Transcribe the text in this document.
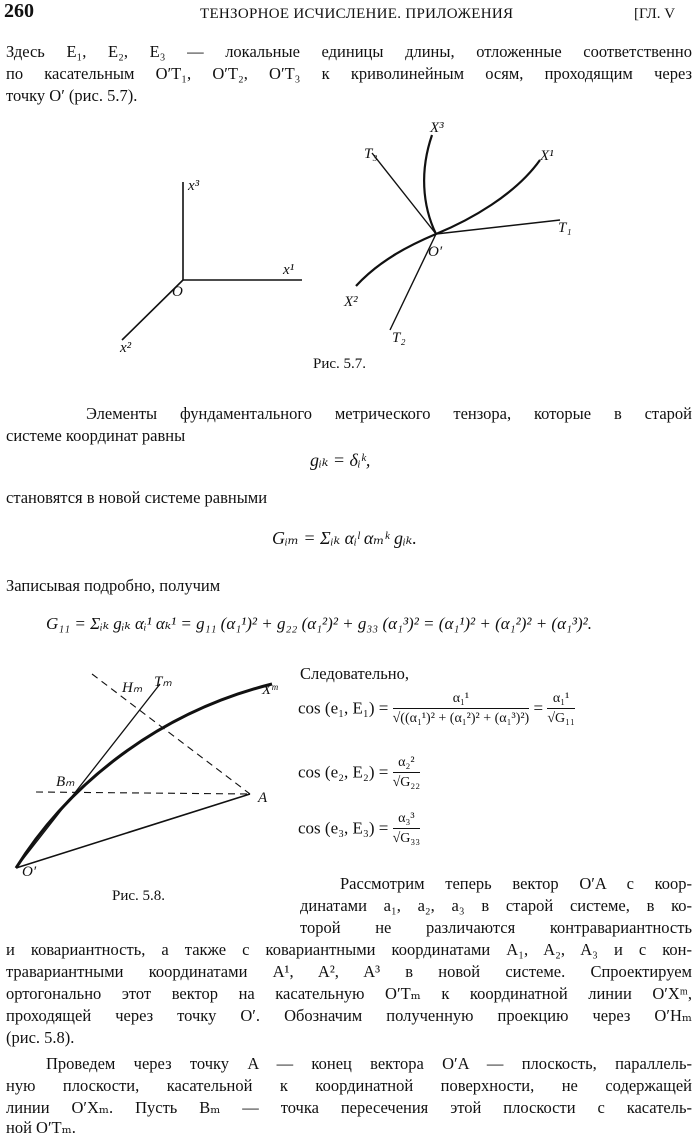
260	ТЕНЗОРНОЕ ИСЧИСЛЕНИЕ. ПРИЛОЖЕНИЯ	[ГЛ. V
Здесь E₁, E₂, E₃ — локальные единицы длины, отложенные соответственно
по касательным O′T₁, O′T₂, O′T₃ к криволинейным осям, проходящим через
точку O′ (рис. 5.7).
x³
x¹
O
x²
T₃
X³
X¹
T₁
O′
X²
T₂
Рис. 5.7.
Элементы фундаментального метрического тензора, которые в старой
системе координат равны
gᵢₖ = δᵢᵏ,
становятся в новой системе равными
Gᵢₘ = Σᵢₖ αᵢˡ αₘᵏ gᵢₖ.
Записывая подробно, получим
G₁₁ = Σᵢₖ gᵢₖ αᵢ¹ αₖ¹ = g₁₁ (α₁¹)² + g₂₂ (α₁²)² + g₃₃ (α₁³)² = (α₁¹)² + (α₁²)² + (α₁³)².
Hₘ Tₘ	Xᵐ
Bₘ
A
O′
Рис. 5.8.
Следовательно,
cos (e₁, $E_1) = \frac{\text{α₁¹}}{\text{√((α₁¹)² + (α₁²)² + (α₁³)²)}} = \frac{\text{α₁¹}}{\text{√G₁₁}}$
cos (e₂, $E_2) = \frac{\text{α₂²}}{\text{√G₂₂}}$
cos (e₃, $E_3) = \frac{\text{α₃³}}{\text{√G₃₃}}$
Рассмотрим теперь вектор O′A с коор-
динатами a₁, a₂, a₃ в старой системе, в ко-
торой не различаются контравариантность
и ковариантность, а также с ковариантными координатами A₁, A₂, A₃ и с кон-
травариантными координатами A¹, A², A³ в новой системе. Спроектируем
ортогонально этот вектор на касательную O′Tₘ к координатной линии O′Xᵐ,
проходящей через точку O′. Обозначим полученную проекцию через O′Hₘ
(рис. 5.8).
Проведем через точку A — конец вектора O′A — плоскость, параллель-
ную плоскости, касательной к координатной поверхности, не содержащей
линии O′Xₘ. Пусть Bₘ — точка пересечения этой плоскости с касатель-
ной O′Tₘ.
